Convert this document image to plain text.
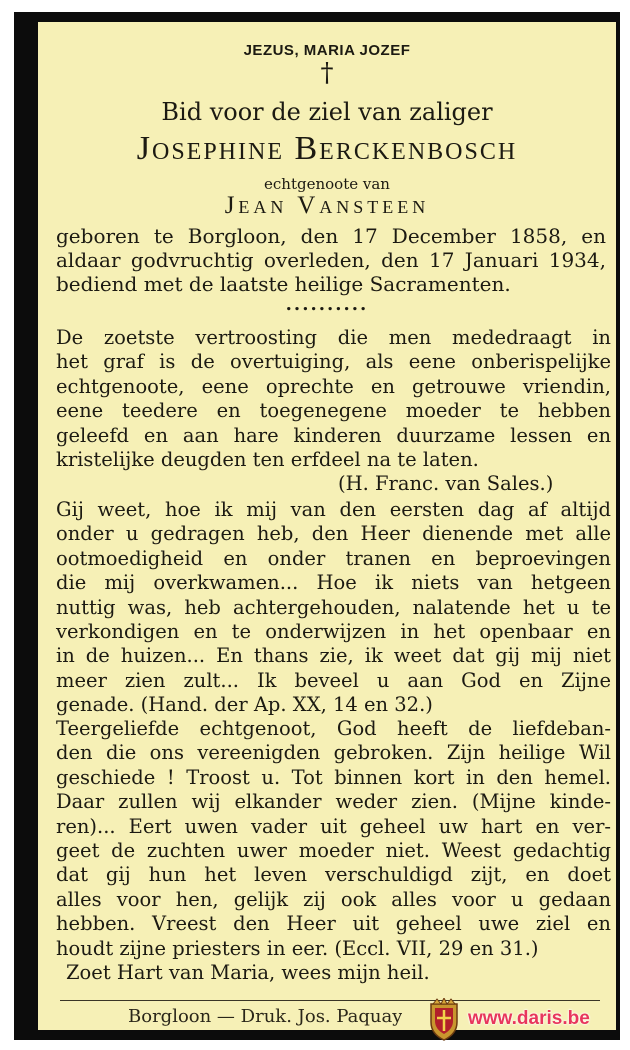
JEZUS, MARIA JOZEF
†
Bid voor de ziel van zaliger
Josephine Berckenbosch
echtgenoote van
Jean Vansteen
geboren te Borgloon, den 17 December 1858, en
aldaar godvruchtig overleden, den 17 Januari 1934,
bediend met de laatste heilige Sacramenten.
..........
De zoetste vertroosting die men mededraagt in
het graf is de overtuiging, als eene onberispelijke
echtgenoote, eene oprechte en getrouwe vriendin,
eene teedere en toegenegene moeder te hebben
geleefd en aan hare kinderen duurzame lessen en
kristelijke deugden ten erfdeel na te laten.
(H. Franc. van Sales.)
Gij weet, hoe ik mij van den eersten dag af altijd
onder u gedragen heb, den Heer dienende met alle
ootmoedigheid en onder tranen en beproevingen
die mij overkwamen... Hoe ik niets van hetgeen
nuttig was, heb achtergehouden, nalatende het u te
verkondigen en te onderwijzen in het openbaar en
in de huizen... En thans zie, ik weet dat gij mij niet
meer zien zult... Ik beveel u aan God en Zijne
genade. (Hand. der Ap. XX, 14 en 32.)
Teergeliefde echtgenoot, God heeft de liefdeban-
den die ons vereenigden gebroken. Zijn heilige Wil
geschiede ! Troost u. Tot binnen kort in den hemel.
Daar zullen wij elkander weder zien. (Mijne kinde-
ren)... Eert uwen vader uit geheel uw hart en ver-
geet de zuchten uwer moeder niet. Weest gedachtig
dat gij hun het leven verschuldigd zijt, en doet
alles voor hen, gelijk zij ook alles voor u gedaan
hebben. Vreest den Heer uit geheel uwe ziel en
houdt zijne priesters in eer. (Eccl. VII, 29 en 31.)
Zoet Hart van Maria, wees mijn heil.
Borgloon — Druk. Jos. Paquay	www.daris.be
